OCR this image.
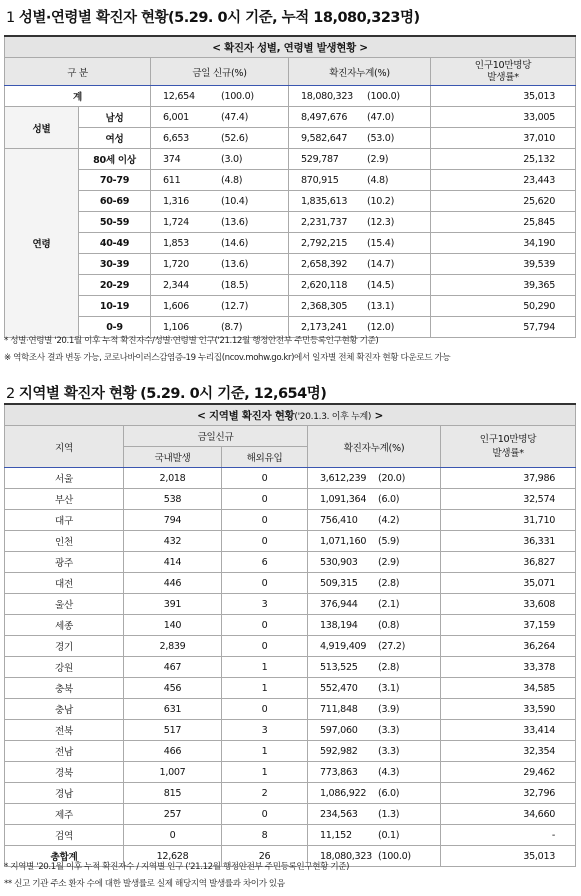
1 성별·연령별 확진자 현황(5.29. 0시 기준, 누적 18,080,323명)
< 확진자 성별, 연령별 발생현황 >				
구 분		금일 신규(%)	확진자누계(%)	인구10만명당
발생률*

계		12,654 (100.0)	18,080,323 (100.0)	35,013
성별	남성	6,001 (47.4)	8,497,676 (47.0)	33,005
	여성	6,653 (52.6)	9,582,647 (53.0)	37,010
연령	80세 이상	374 (3.0)	529,787 (2.9)	25,132
	70-79	611 (4.8)	870,915 (4.8)	23,443
	60-69	1,316 (10.4)	1,835,613 (10.2)	25,620
	50-59	1,724 (13.6)	2,231,737 (12.3)	25,845
	40-49	1,853 (14.6)	2,792,215 (15.4)	34,190
	30-39	1,720 (13.6)	2,658,392 (14.7)	39,539
	20-29	2,344 (18.5)	2,620,118 (14.5)	39,365
	10-19	1,606 (12.7)	2,368,305 (13.1)	50,290
	0-9	1,106 (8.7)	2,173,241 (12.0)	57,794
* 성별·연령별 '20.1월 이후 누적 확진자수/성별·연령별 인구('21.12월 행정안전부 주민등록인구현황 기준)
※ 역학조사 결과 변동 가능, 코로나바이러스감염증-19 누리집(ncov.mohw.go.kr)에서 일자별 전체 확진자 현황 다운로드 가능
2 지역별 확진자 현황 (5.29. 0시 기준, 12,654명)
< 지역별 확진자 현황('20.1.3. 이후 누계) >				
지역	금일신규		확진자누계(%)	인구10만명당
발생률*

	국내발생	해외유입		
서울	2,018	0	3,612,239 (20.0)	37,986
부산	538	0	1,091,364 (6.0)	32,574
대구	794	0	756,410 (4.2)	31,710
인천	432	0	1,071,160 (5.9)	36,331
광주	414	6	530,903 (2.9)	36,827
대전	446	0	509,315 (2.8)	35,071
울산	391	3	376,944 (2.1)	33,608
세종	140	0	138,194 (0.8)	37,159
경기	2,839	0	4,919,409 (27.2)	36,264
강원	467	1	513,525 (2.8)	33,378
충북	456	1	552,470 (3.1)	34,585
충남	631	0	711,848 (3.9)	33,590
전북	517	3	597,060 (3.3)	33,414
전남	466	1	592,982 (3.3)	32,354
경북	1,007	1	773,863 (4.3)	29,462
경남	815	2	1,086,922 (6.0)	32,796
제주	257	0	234,563 (1.3)	34,660
검역	0	8	11,152 (0.1)	-
총합계	12,628	26	18,080,323 (100.0)	35,013
* 지역별 '20.1월 이후 누적 확진자수 / 지역별 인구 ('21.12월 행정안전부 주민등록인구현황 기준)
** 신고 기관 주소 환자 수에 대한 발생률로 실제 해당지역 발생률과 차이가 있음
